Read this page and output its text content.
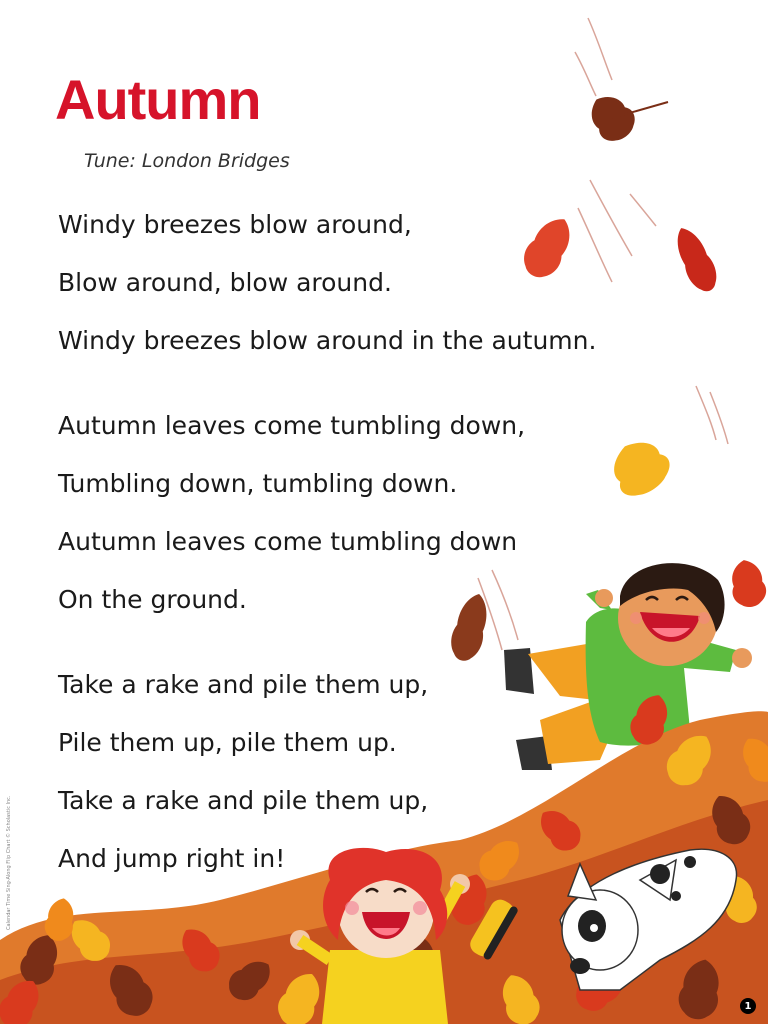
Autumn
Tune: London Bridges
Windy breezes blow around,
Blow around, blow around.
Windy breezes blow around in the autumn.
Autumn leaves come tumbling down,
Tumbling down, tumbling down.
Autumn leaves come tumbling down
On the ground.
Take a rake and pile them up,
Pile them up, pile them up.
Take a rake and pile them up,
And jump right in!
Calendar Time Sing-Along Flip Chart © Scholastic Inc.
1
